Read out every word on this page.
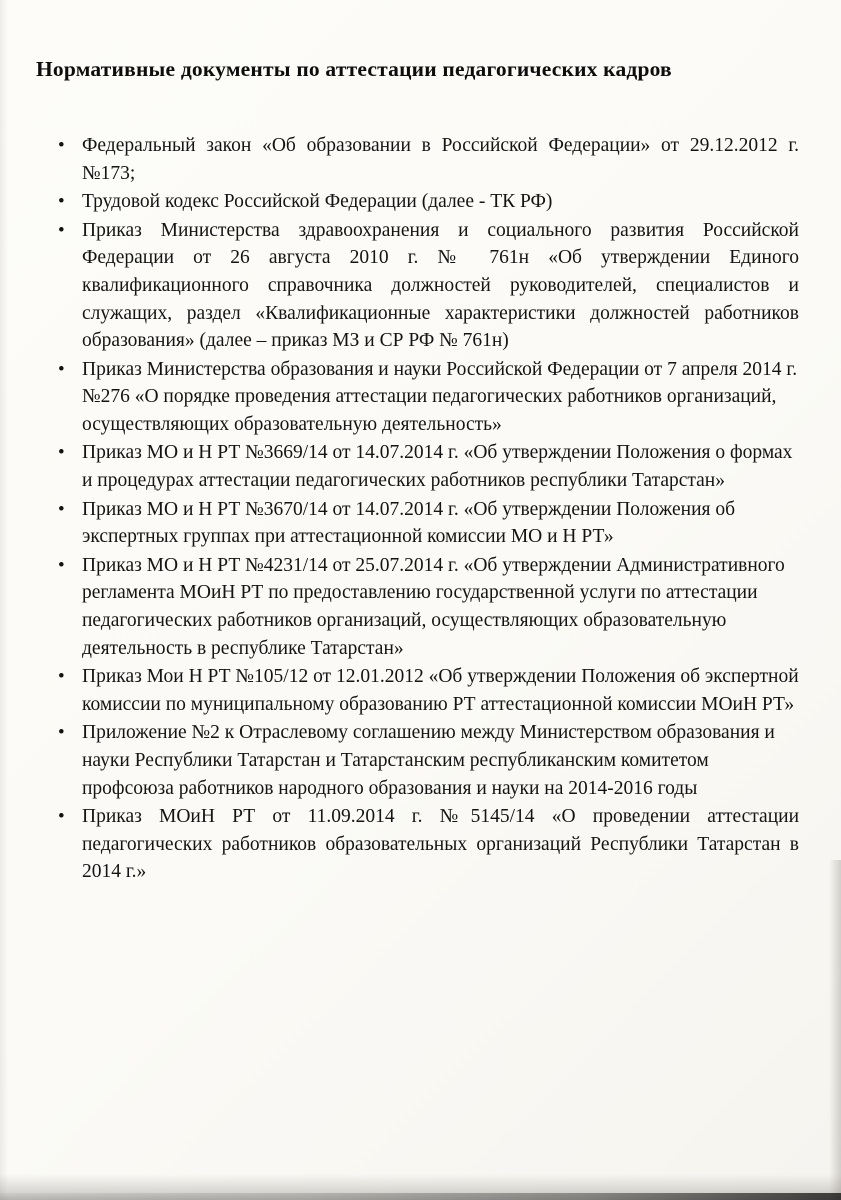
Нормативные документы по аттестации педагогических кадров
• Федеральный закон «Об образовании в Российской Федерации» от 29.12.2012 г. №173;
• Трудовой кодекс Российской Федерации (далее - ТК РФ)
• Приказ Министерства здравоохранения и социального развития Российской Федерации от 26 августа 2010 г. № 761н «Об утверждении Единого квалификационного справочника должностей руководителей, специалистов и служащих, раздел «Квалификационные характеристики должностей работников образования» (далее – приказ МЗ и СР РФ № 761н)
• Приказ Министерства образования и науки Российской Федерации от 7 апреля 2014 г. №276 «О порядке проведения аттестации педагогических работников организаций, осуществляющих образовательную деятельность»
• Приказ МО и Н РТ №3669/14 от 14.07.2014 г. «Об утверждении Положения о формах и процедурах аттестации педагогических работников республики Татарстан»
• Приказ МО и Н РТ №3670/14 от 14.07.2014 г. «Об утверждении Положения об экспертных группах при аттестационной комиссии МО и Н РТ»
• Приказ МО и Н РТ №4231/14 от 25.07.2014 г. «Об утверждении Административного регламента МОиН РТ по предоставлению государственной услуги по аттестации педагогических работников организаций, осуществляющих образовательную деятельность в республике Татарстан»
• Приказ Мои Н РТ №105/12 от 12.01.2012 «Об утверждении Положения об экспертной комиссии по муниципальному образованию РТ аттестационной комиссии МОиН РТ»
• Приложение №2 к Отраслевому соглашению между Министерством образования и науки Республики Татарстан и Татарстанским республиканским комитетом профсоюза работников народного образования и науки на 2014-2016 годы
• Приказ МОиН РТ от 11.09.2014 г. №5145/14 «О проведении аттестации педагогических работников образовательных организаций Республики Татарстан в 2014 г.»
